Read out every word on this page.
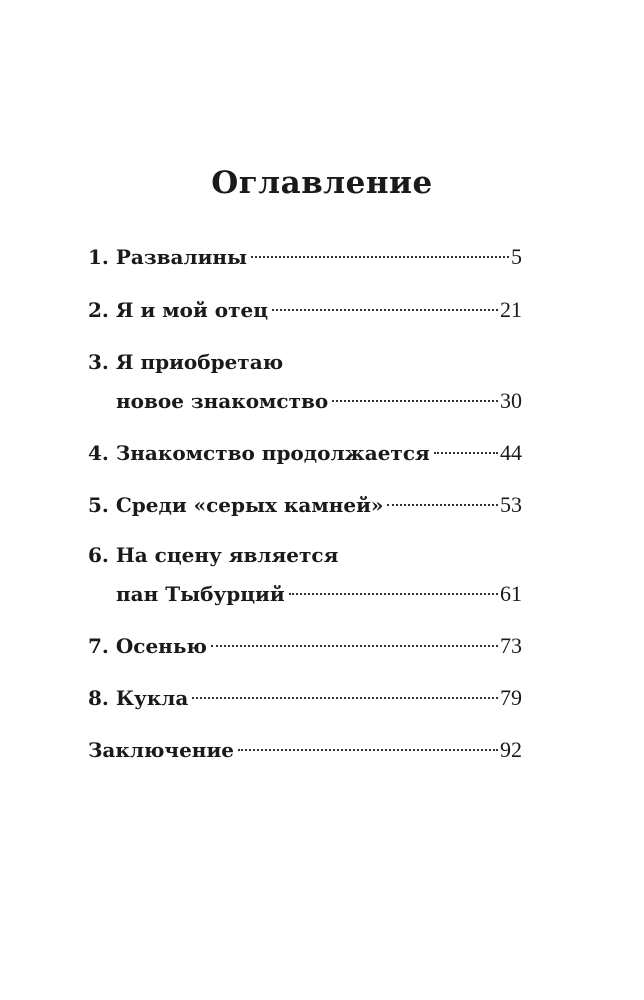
Оглавление
1. Развалины	5
2. Я и мой отец	21
3. Я приобретаю
новое знакомство	30
4. Знакомство продолжается	44
5. Среди «серых камней»	53
6. На сцену является
пан Тыбурций	61
7. Осенью	73
8. Кукла	79
Заключение	92
